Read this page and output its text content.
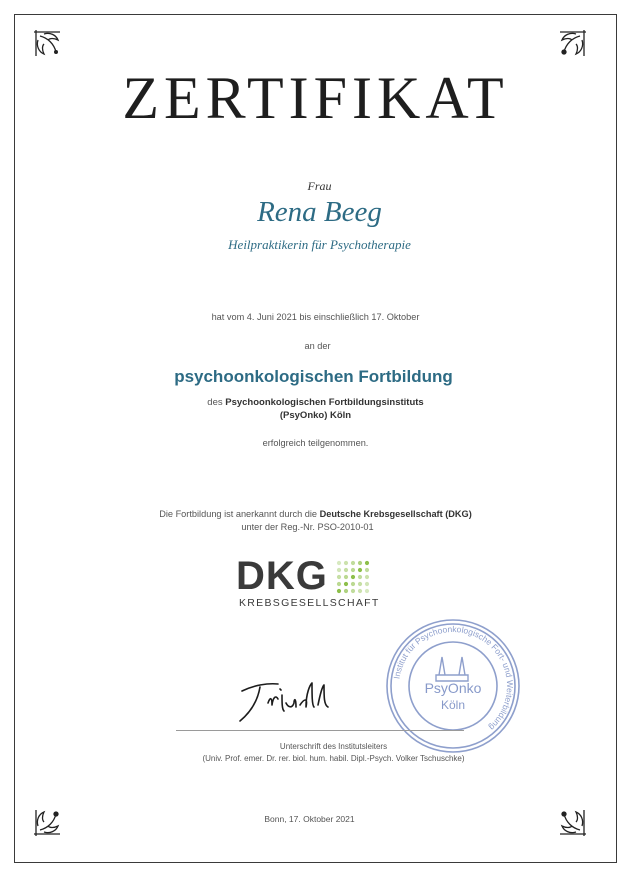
ZERTIFIKAT
Frau
Rena Beeg
Heilpraktikerin für Psychotherapie
hat vom 4. Juni 2021 bis einschließlich 17. Oktober
an der
psychoonkologischen Fortbildung
des Psychoonkologischen Fortbildungsinstituts
(PsyOnko) Köln
erfolgreich teilgenommen.
Die Fortbildung ist anerkannt durch die Deutsche Krebsgesellschaft (DKG)
unter der Reg.-Nr. PSO-2010-01
DKG
KREBSGESELLSCHAFT
Institut für Psychoonkologische Fort- und Weiterbildung
PsyOnko
Köln
Unterschrift des Institutsleiters
(Univ. Prof. emer. Dr. rer. biol. hum. habil. Dipl.-Psych. Volker Tschuschke)
Bonn, 17. Oktober 2021
